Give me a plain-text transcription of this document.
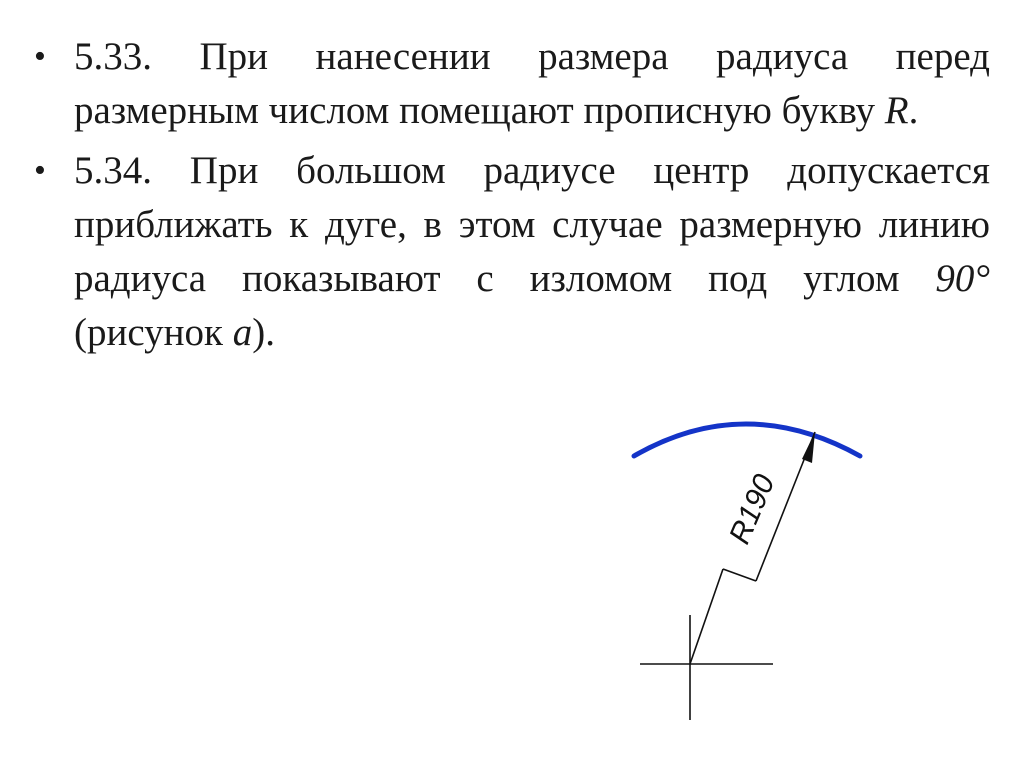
• 5.33. При нанесении размера радиуса перед размерным числом помещают прописную букву R.
• 5.34. При большом радиусе центр допускается приближать к дуге, в этом случае размерную линию радиуса показывают с изломом под углом 90° (рисунок а).
R190
